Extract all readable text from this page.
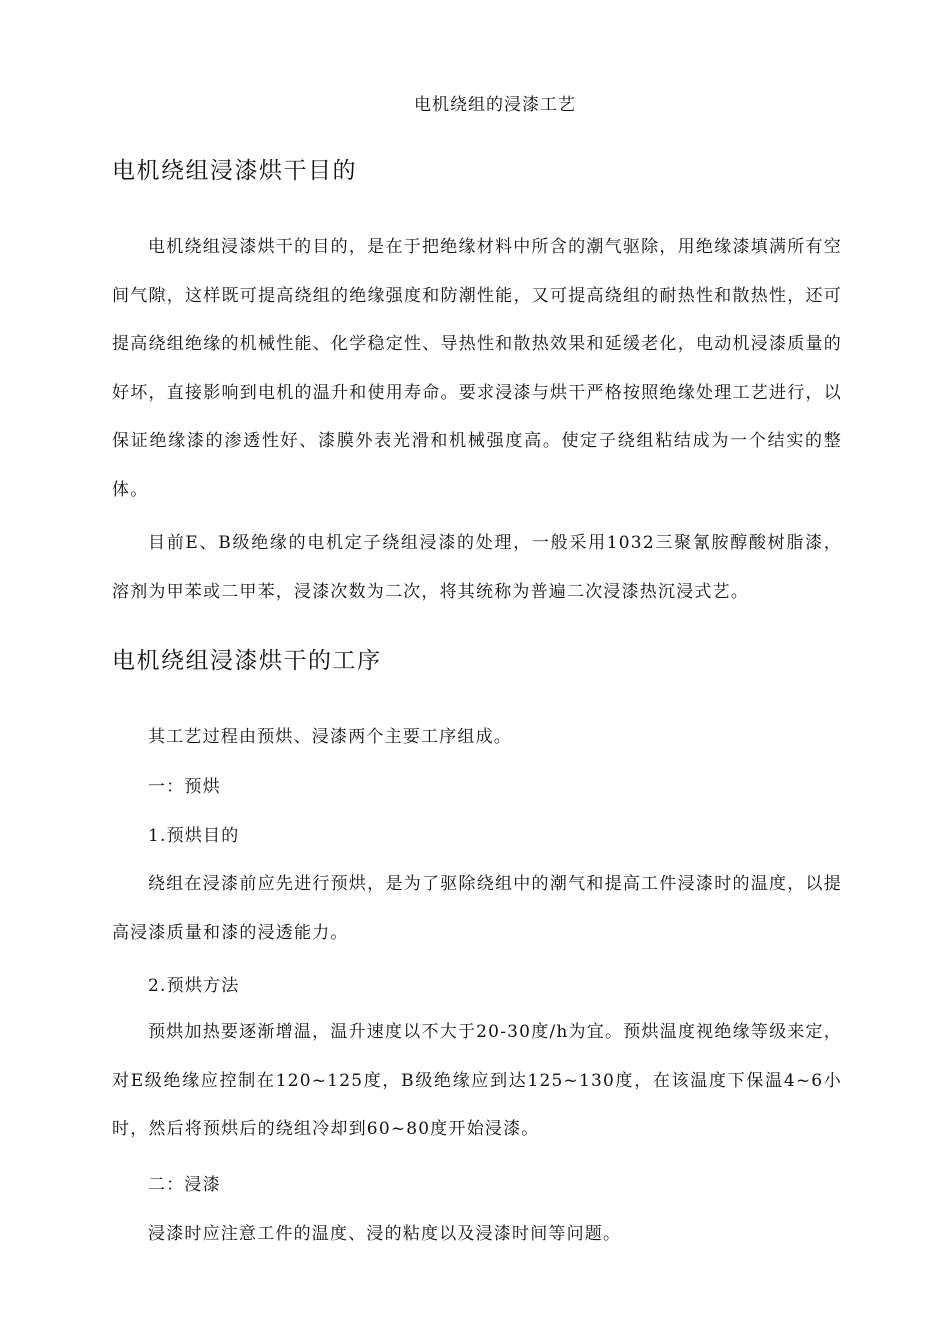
电机绕组的浸漆工艺
电机绕组浸漆烘干目的

电机绕组浸漆烘干的目的，是在于把绝缘材料中所含的潮气驱除，用绝缘漆填满所有空间气隙，这样既可提高绕组的绝缘强度和防潮性能，又可提高绕组的耐热性和散热性，还可提高绕组绝缘的机械性能、化学稳定性、导热性和散热效果和延缓老化，电动机浸漆质量的好坏，直接影响到电机的温升和使用寿命。要求浸漆与烘干严格按照绝缘处理工艺进行，以保证绝缘漆的渗透性好、漆膜外表光滑和机械强度高。使定子绕组粘结成为一个结实的整体。

目前E、B级绝缘的电机定子绕组浸漆的处理，一般采用1032三聚氰胺醇酸树脂漆，溶剂为甲苯或二甲苯，浸漆次数为二次，将其统称为普遍二次浸漆热沉浸式艺。

电机绕组浸漆烘干的工序

其工艺过程由预烘、浸漆两个主要工序组成。

一：预烘

1.预烘目的

绕组在浸漆前应先进行预烘，是为了驱除绕组中的潮气和提高工件浸漆时的温度，以提高浸漆质量和漆的浸透能力。

2.预烘方法

预烘加热要逐渐增温，温升速度以不大于20-30度/h为宜。预烘温度视绝缘等级来定，对E级绝缘应控制在120~125度，B级绝缘应到达125~130度，在该温度下保温4~6小时，然后将预烘后的绕组冷却到60~80度开始浸漆。

二：浸漆

浸漆时应注意工件的温度、浸的粘度以及浸漆时间等问题。
